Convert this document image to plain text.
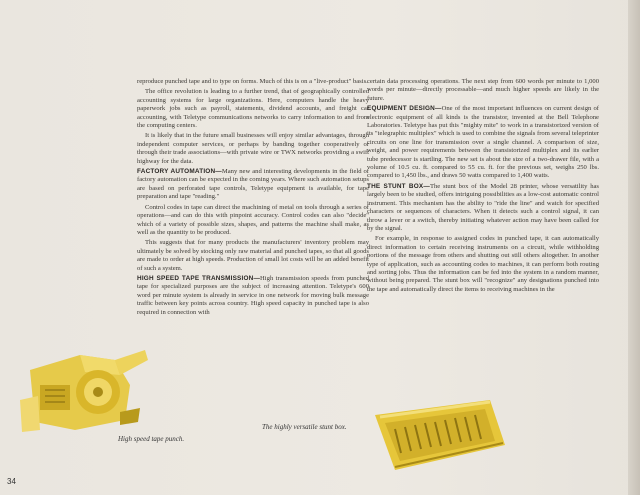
reproduce punched tape and to type on forms. Much of this is on a "live-product" basis.

The office revolution is leading to a further trend, that of geographically controlled accounting systems for large organizations. Here, computers handle the heavy paperwork jobs such as payroll, statements, dividend accounts, and freight car accounting, with Teletype communications networks to carry information to and from the computing centers.

It is likely that in the future small businesses will enjoy similar advantages, through independent computer services, or perhaps by banding together cooperatively or through their trade associations—with private wire or TWX networks providing a swift highway for the data.

FACTORY AUTOMATION—Many new and interesting developments in the field of factory automation can be expected in the coming years. Where such automation setups are based on perforated tape controls, Teletype equipment is available, for tape preparation and tape "reading."

Control codes in tape can direct the machining of metal on tools through a series of operations—and can do this with pinpoint accuracy. Control codes can also "decide" which of a variety of possible sizes, shapes, and patterns the machine shall make, as well as the quantity to be produced.

This suggests that for many products the manufacturers' inventory problem may ultimately be solved by stocking only raw material and punched tapes, so that all goods are made to order at high speeds. Production of small lot costs will be an added benefit of such a system.

HIGH SPEED TAPE TRANSMISSION—High transmission speeds from punched tape for specialized purposes are the subject of increasing attention. Teletype's 600 word per minute system is already in service in one network for moving bulk message traffic between key points across country. High speed capacity in punched tape is also required in connection with

certain data processing operations. The next step from 600 words per minute to 1,000 words per minute—directly processable—and much higher speeds are likely in the future.

EQUIPMENT DESIGN—One of the most important influences on current design of electronic equipment of all kinds is the transistor, invented at the Bell Telephone Laboratories. Teletype has put this "mighty mite" to work in a transistorized version of its "telegraphic multiplex" which is used to combine the signals from several teleprinter circuits on one line for transmission over a single channel. A comparison of size, weight, and power requirements between the transistorized multiplex and its earlier tube predecessor is startling. The new set is about the size of a two-drawer file, with a volume of 10.5 cu. ft. compared to 55 cu. ft. for the previous set, weighs 250 lbs. compared to 1,450 lbs., and draws 50 watts compared to 1,400 watts.

THE STUNT BOX—The stunt box of the Model 28 printer, whose versatility has largely been to be studied, offers intriguing possibilities as a low-cost automatic control instrument. This mechanism has the ability to "ride the line" and watch for specified characters or sequences of characters. When it detects such a control signal, it can throw a lever or a switch, thereby initiating whatever action may have been called for by the signal.

For example, in response to assigned codes in punched tape, it can automatically direct information to certain receiving instruments on a circuit, while withholding portions of the message from others and shutting out still others altogether. In another type of application, such as accounting codes to machines, it can perform both routing and sorting jobs. Thus the information can be fed into the system in a random manner, without being prepared. The stunt box will "recognize" any designations punched into the tape and automatically direct the items to receiving machines in the

High speed tape punch.
The highly versatile stunt box.
34
